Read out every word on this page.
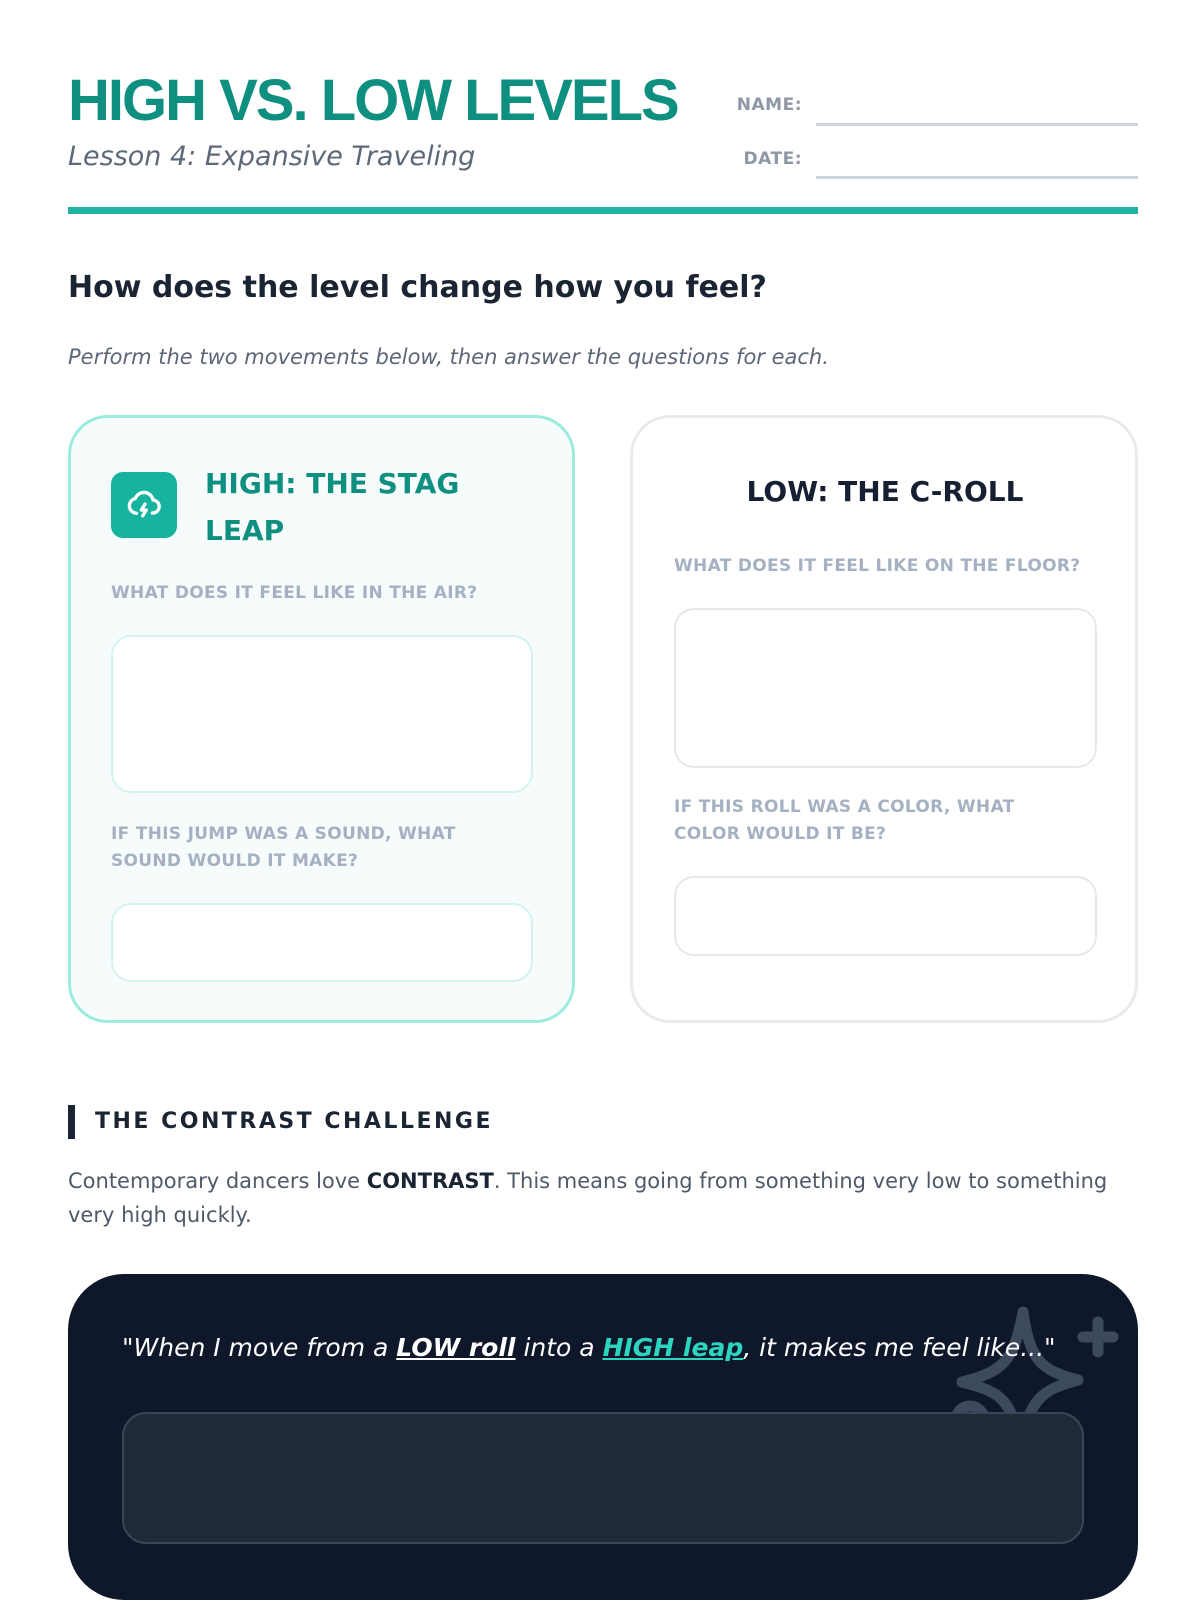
HIGH VS. LOW LEVELS
Lesson 4: Expansive Traveling
NAME:
DATE:
How does the level change how you feel?
Perform the two movements below, then answer the questions for each.
HIGH: THE STAG LEAP
WHAT DOES IT FEEL LIKE IN THE AIR?
IF THIS JUMP WAS A SOUND, WHAT SOUND WOULD IT MAKE?
LOW: THE C-ROLL
WHAT DOES IT FEEL LIKE ON THE FLOOR?
IF THIS ROLL WAS A COLOR, WHAT COLOR WOULD IT BE?
THE CONTRAST CHALLENGE
Contemporary dancers love CONTRAST. This means going from something very low to something very high quickly.
"When I move from a LOW roll into a HIGH leap, it makes me feel like..."
